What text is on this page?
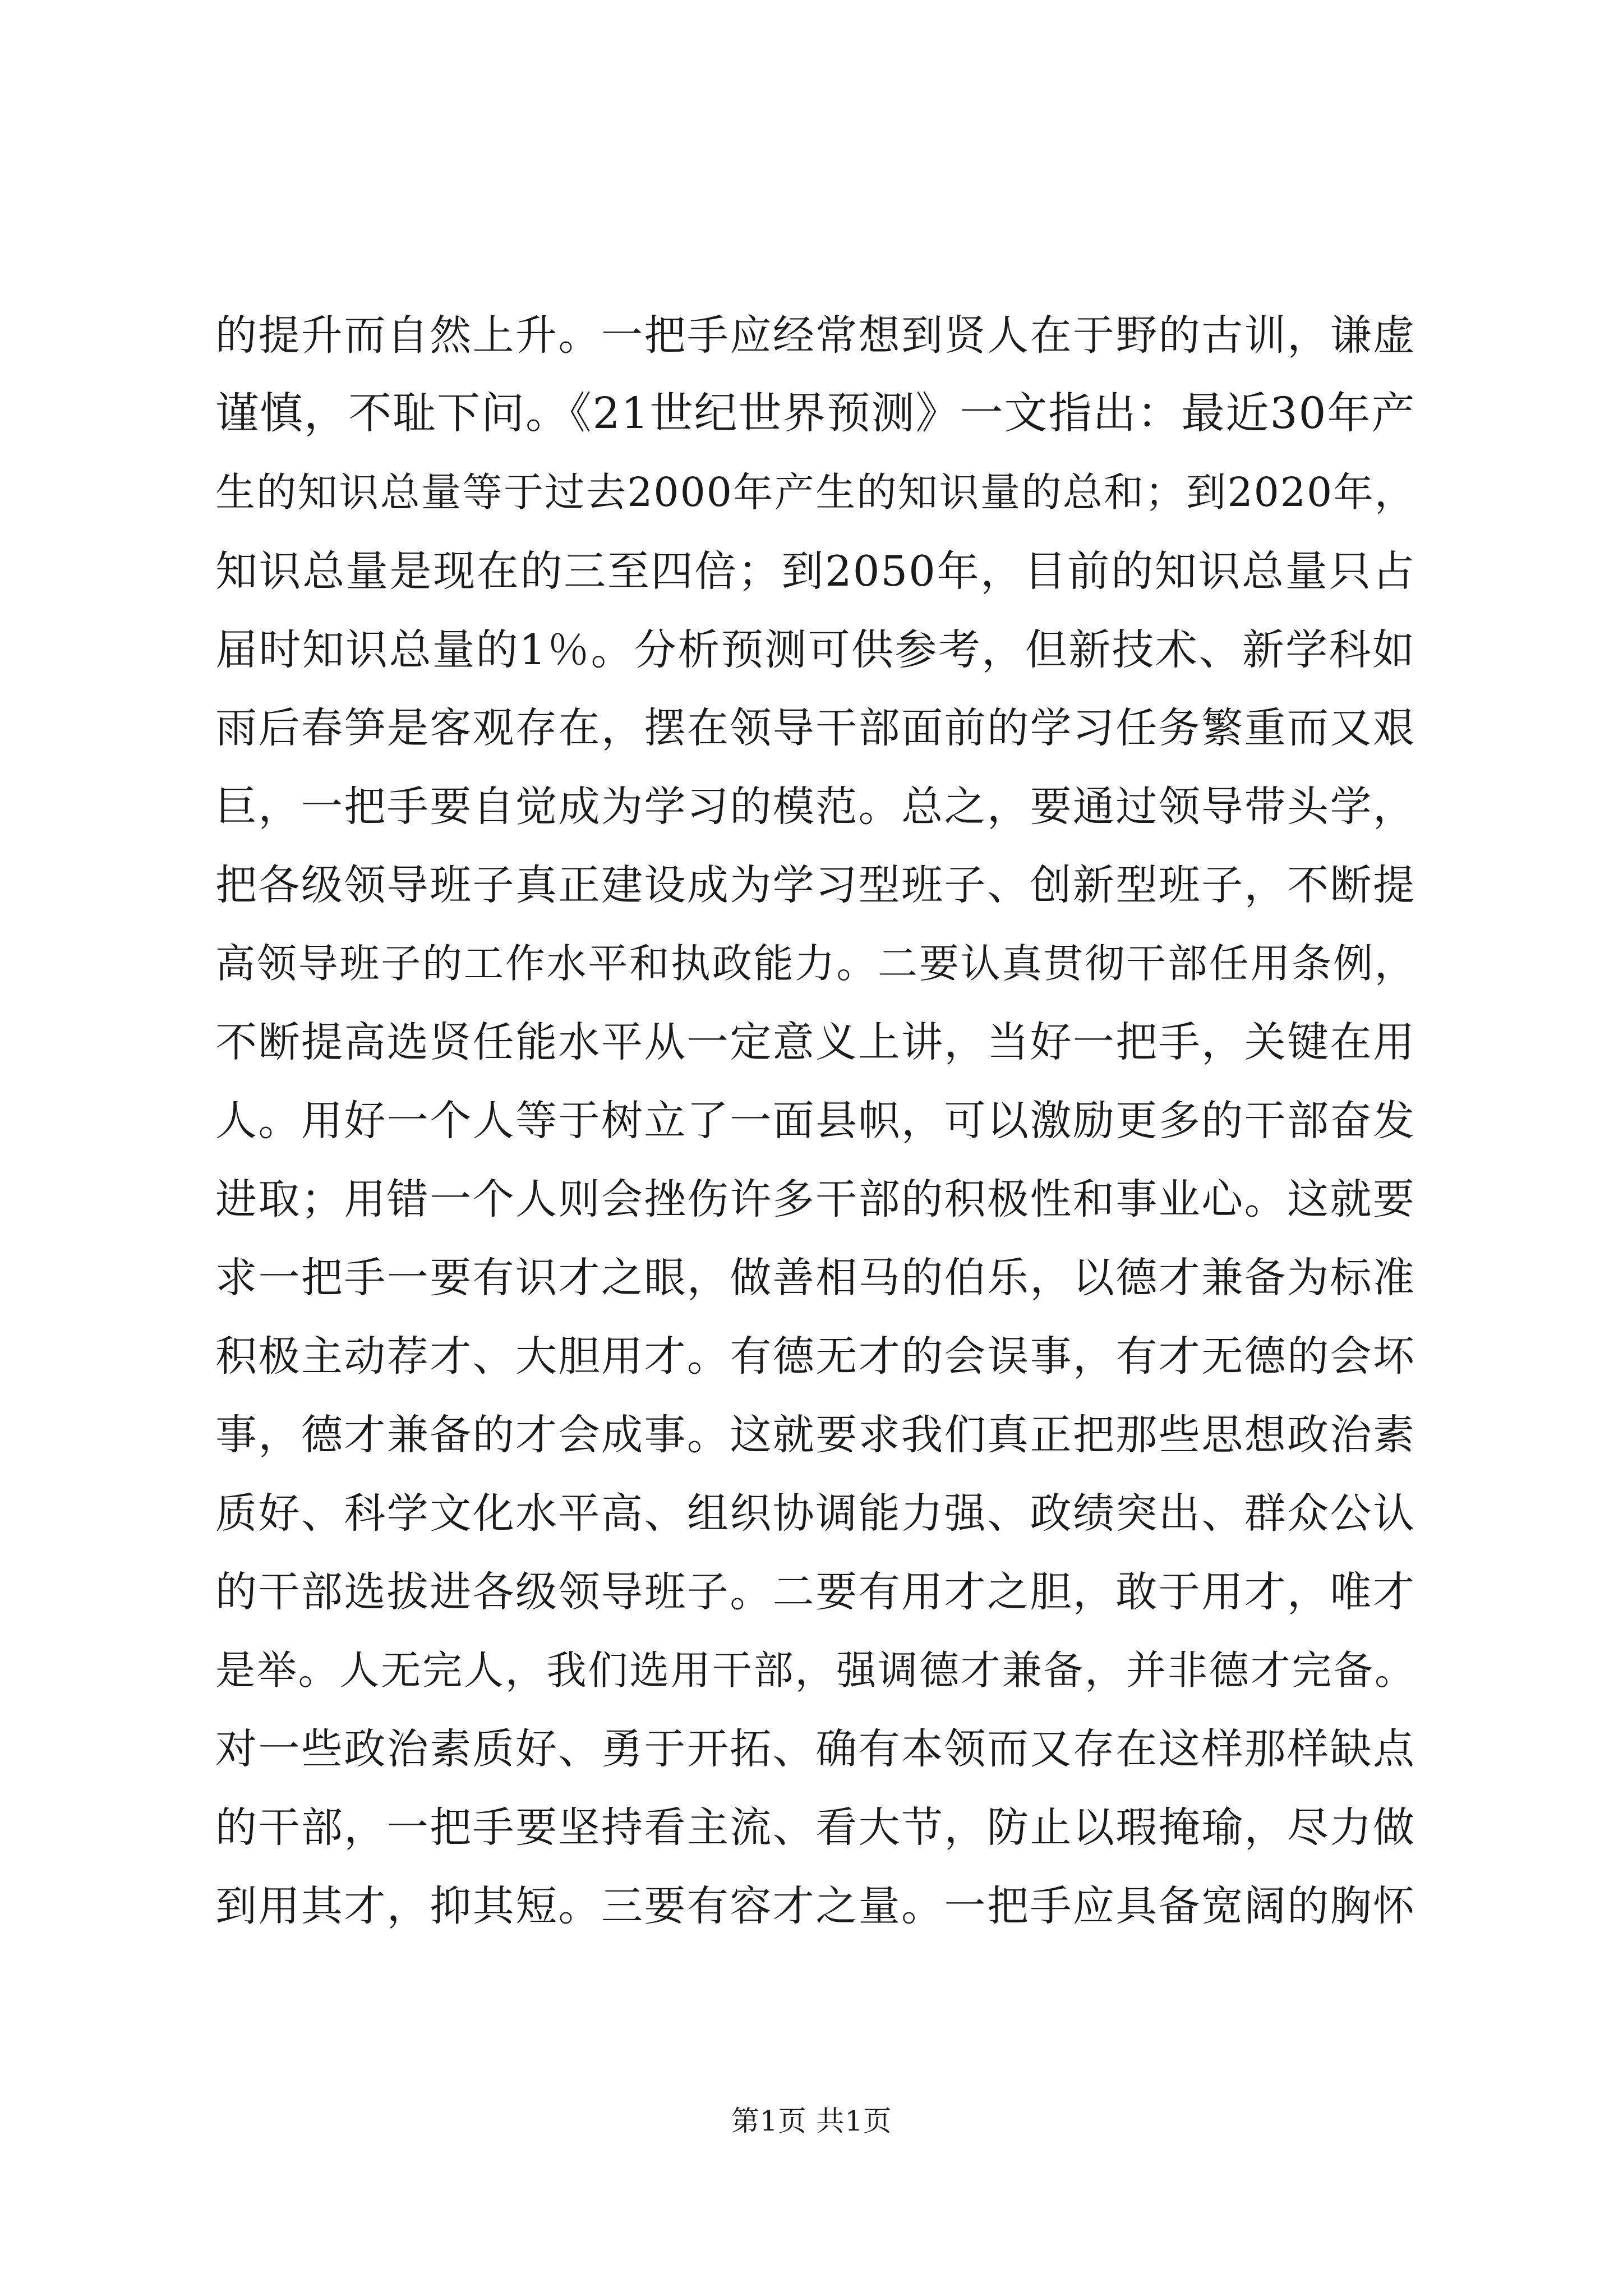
的提升而自然上升。一把手应经常想到贤人在于野的古训，谦虚
谨慎，不耻下问。《21世纪世界预测》一文指出：最近30年产
生的知识总量等于过去2000年产生的知识量的总和；到2020年，
知识总量是现在的三至四倍；到2050年，目前的知识总量只占
届时知识总量的1％。分析预测可供参考，但新技术、新学科如
雨后春笋是客观存在，摆在领导干部面前的学习任务繁重而又艰
巨，一把手要自觉成为学习的模范。总之，要通过领导带头学，
把各级领导班子真正建设成为学习型班子、创新型班子，不断提
高领导班子的工作水平和执政能力。二要认真贯彻干部任用条例，
不断提高选贤任能水平从一定意义上讲，当好一把手，关键在用
人。用好一个人等于树立了一面县帜，可以激励更多的干部奋发
进取；用错一个人则会挫伤许多干部的积极性和事业心。这就要
求一把手一要有识才之眼，做善相马的伯乐，以德才兼备为标准
积极主动荐才、大胆用才。有德无才的会误事，有才无德的会坏
事，德才兼备的才会成事。这就要求我们真正把那些思想政治素
质好、科学文化水平高、组织协调能力强、政绩突出、群众公认
的干部选拔进各级领导班子。二要有用才之胆，敢于用才，唯才
是举。人无完人，我们选用干部，强调德才兼备，并非德才完备。
对一些政治素质好、勇于开拓、确有本领而又存在这样那样缺点
的干部，一把手要坚持看主流、看大节，防止以瑕掩瑜，尽力做
到用其才，抑其短。三要有容才之量。一把手应具备宽阔的胸怀
第1页 共1页
